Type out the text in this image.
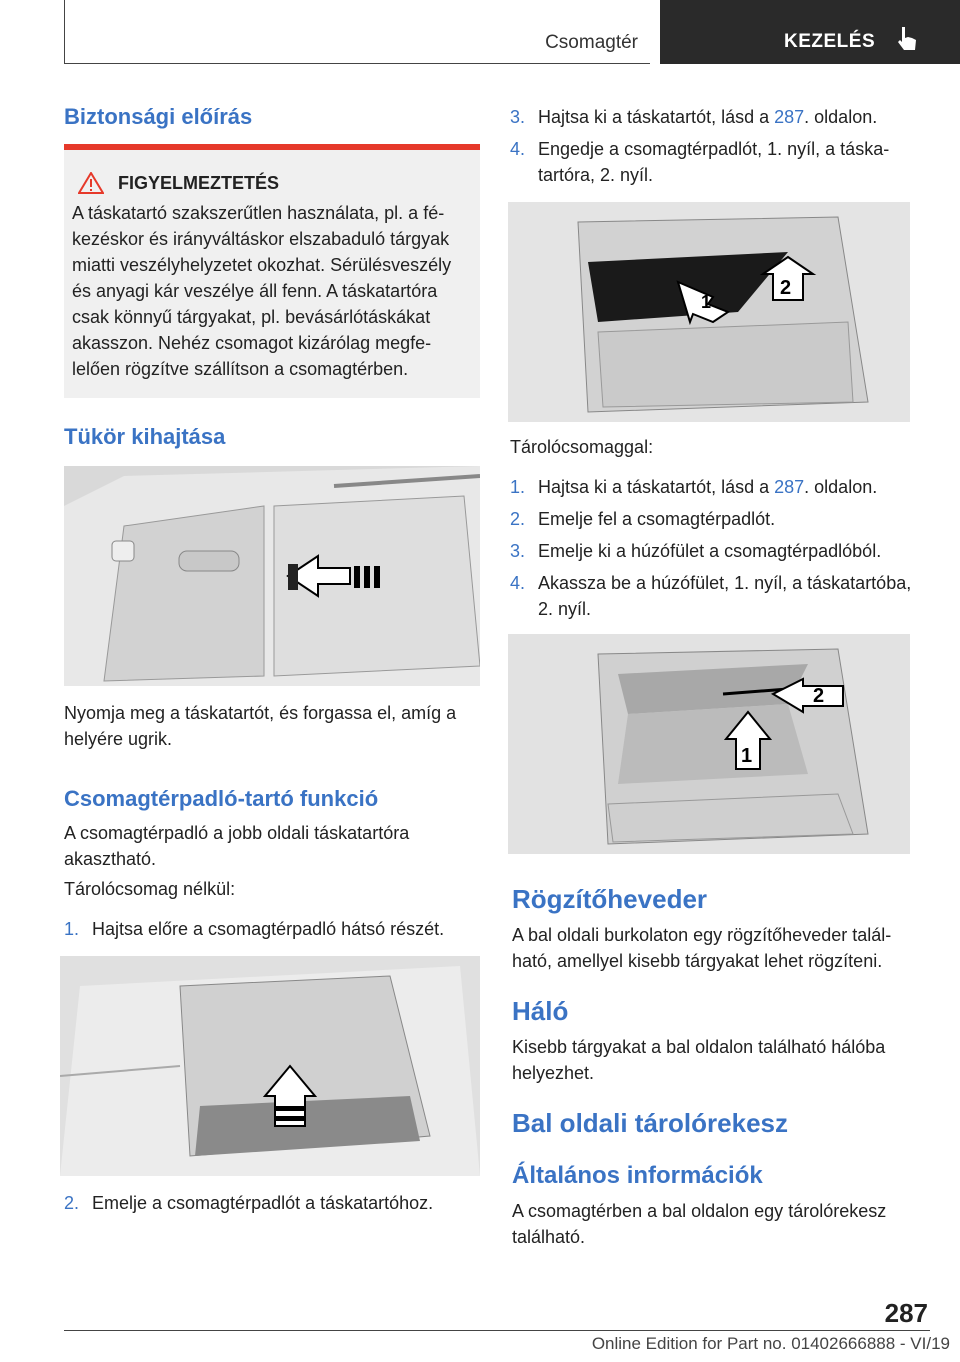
Csomagtér	KEZELÉS
Biztonsági előírás
FIGYELMEZTETÉS
A táskatartó szakszerűtlen használata, pl. a fé-kezéskor és irányváltáskor elszabaduló tárgyak miatti veszélyhelyzetet okozhat. Sérülésveszély és anyagi kár veszélye áll fenn. A táskatartóra csak könnyű tárgyakat, pl. bevásárlótáskákat akasszon. Nehéz csomagot kizárólag megfe-lelően rögzítve szállítson a csomagtérben.
Tükör kihajtása
Nyomja meg a táskatartót, és forgassa el, amíg a helyére ugrik.
Csomagtérpadló-tartó funkció
A csomagtérpadló a jobb oldali táskatartóra akasztható.
Tárolócsomag nélkül:
1. Hajtsa előre a csomagtérpadló hátsó részét.
2. Emelje a csomagtérpadlót a táskatartóhoz.
3. Hajtsa ki a táskatartót, lásd a 287. oldalon.
4. Engedje a csomagtérpadlót, 1. nyíl, a táska-tartóra, 2. nyíl.
1
2
Tárolócsomaggal:
1. Hajtsa ki a táskatartót, lásd a 287. oldalon.
2. Emelje fel a csomagtérpadlót.
3. Emelje ki a húzófület a csomagtérpadlóból.
4. Akassza be a húzófület, 1. nyíl, a táskatartóba, 2. nyíl.
1
2
Rögzítőheveder
A bal oldali burkolaton egy rögzítőheveder talál-ható, amellyel kisebb tárgyakat lehet rögzíteni.
Háló
Kisebb tárgyakat a bal oldalon található hálóba helyezhet.
Bal oldali tárolórekesz
Általános információk
A csomagtérben a bal oldalon egy tárolórekesz található.
287
Online Edition for Part no. 01402666888 - VI/19
